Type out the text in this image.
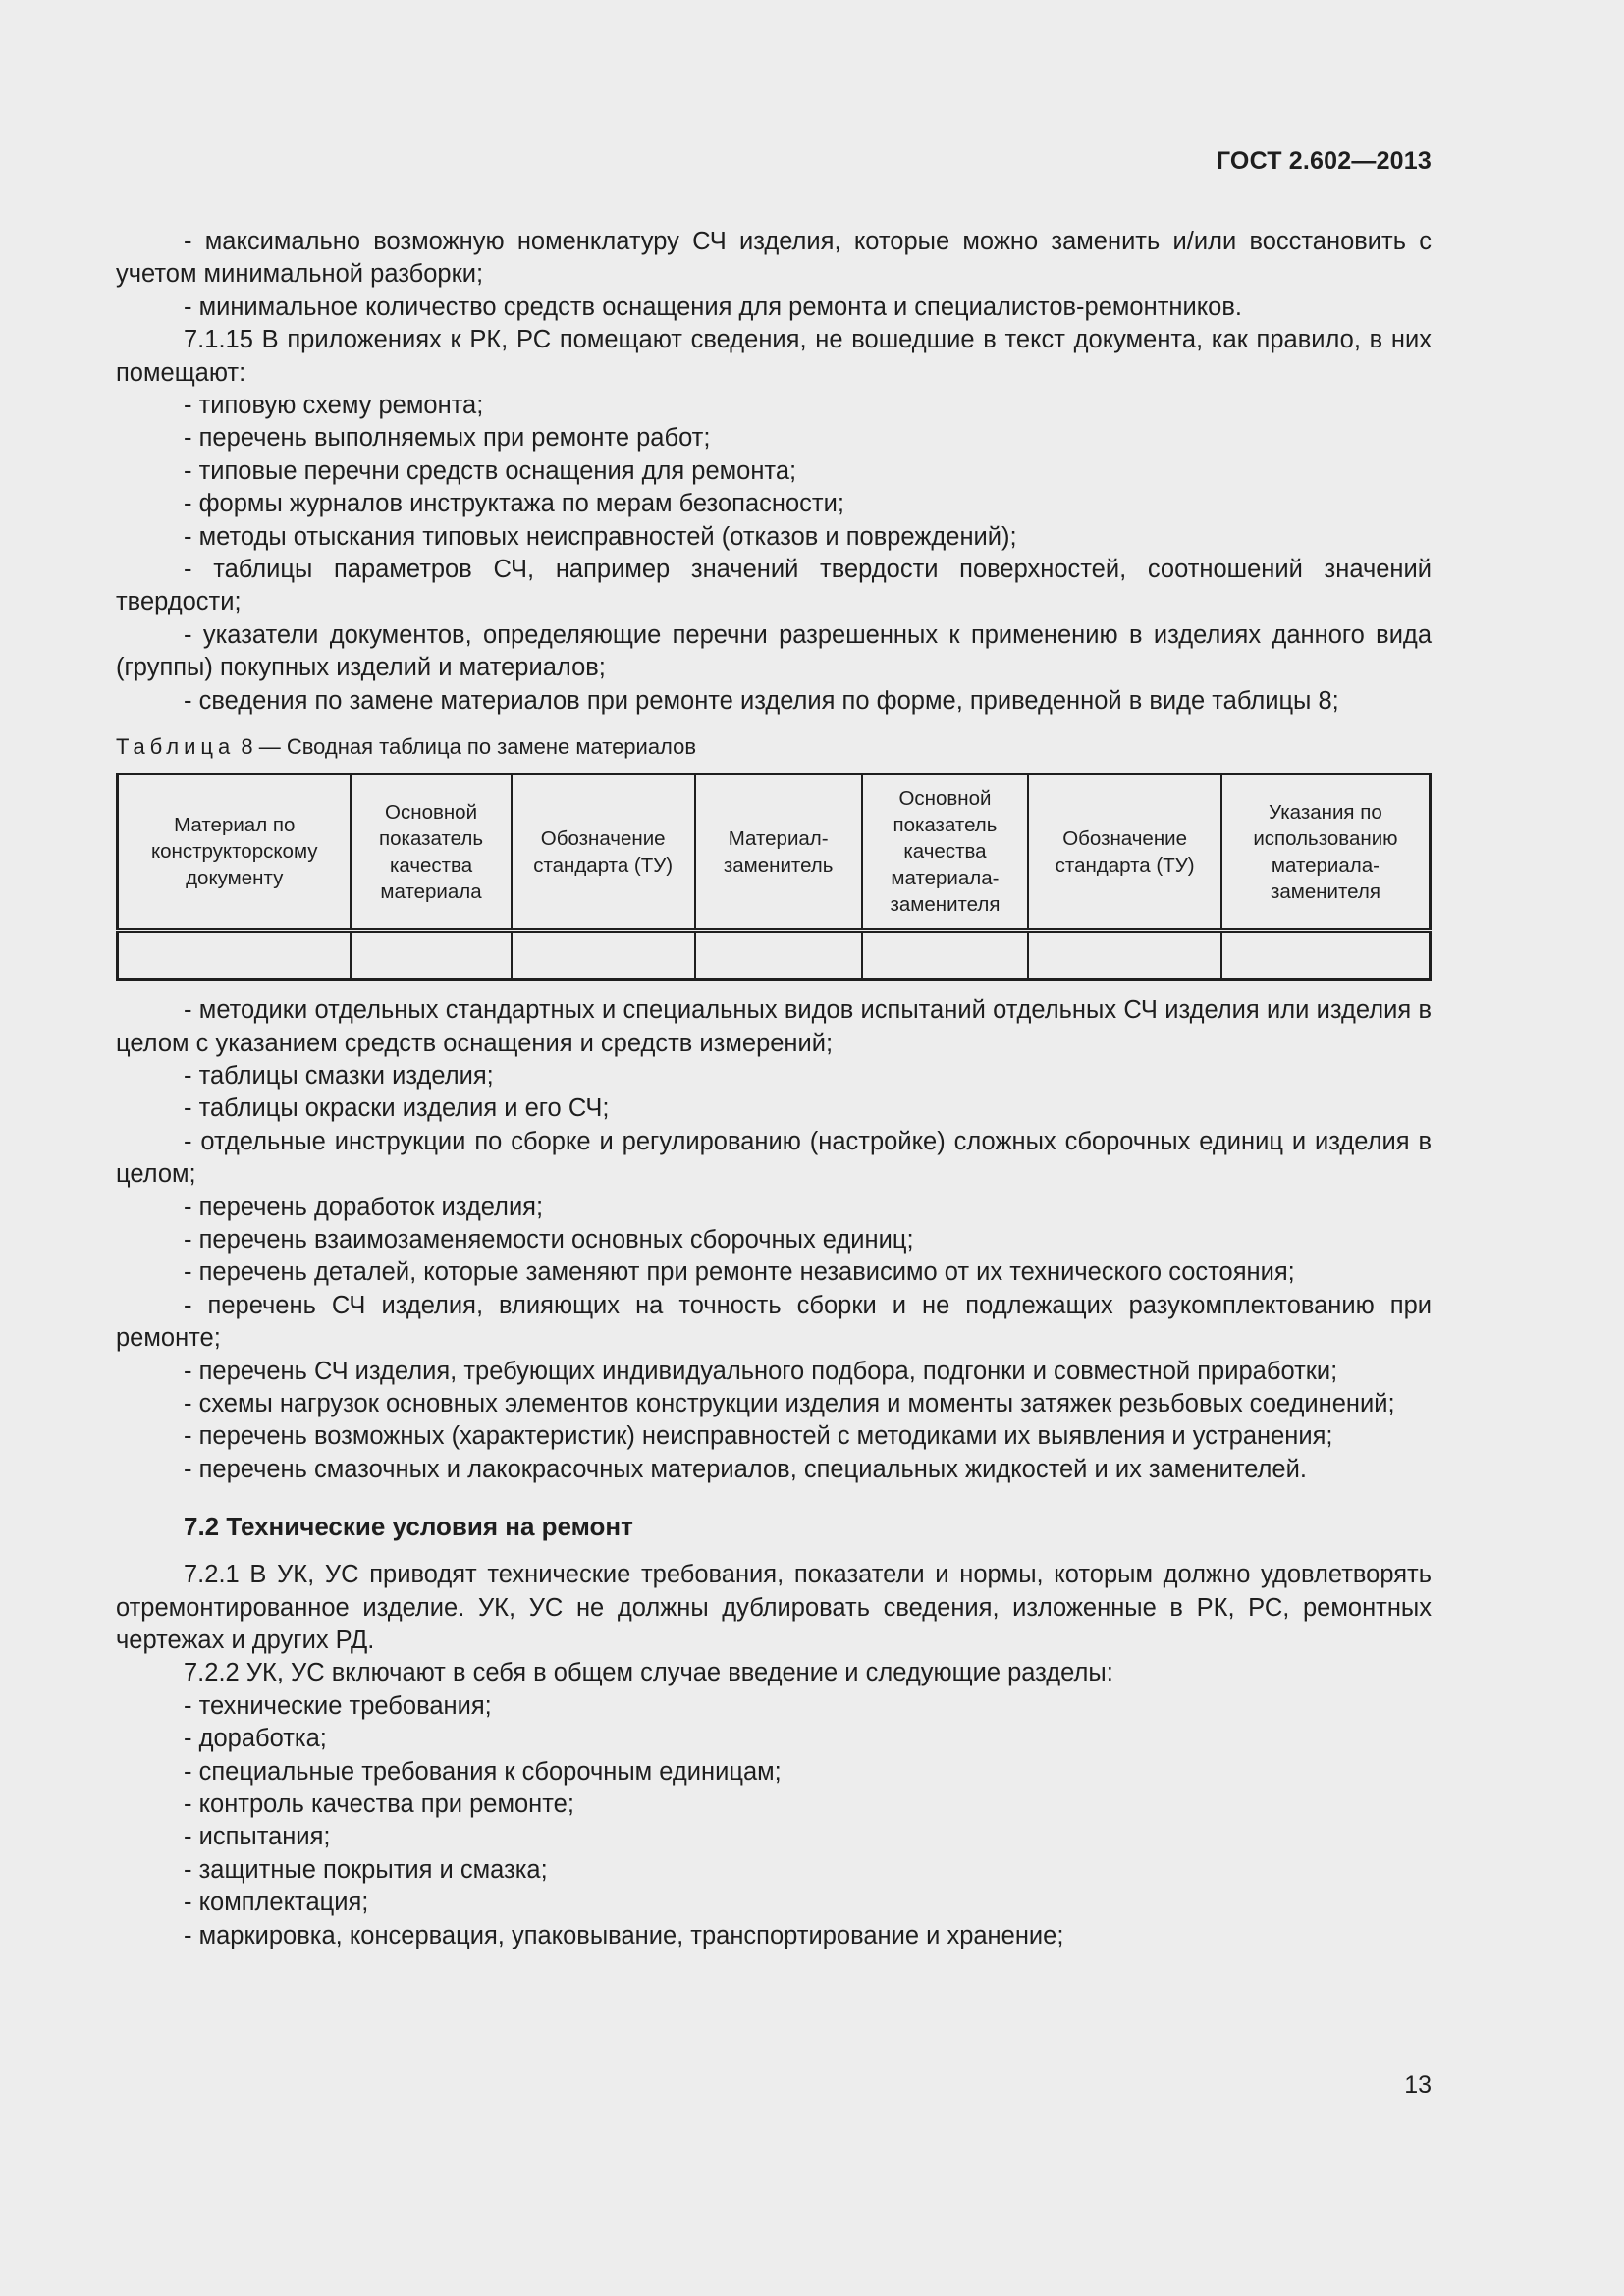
ГОСТ 2.602—2013

- максимально возможную номенклатуру СЧ изделия, которые можно заменить и/или восстановить с учетом минимальной разборки;

- минимальное количество средств оснащения для ремонта и специалистов-ремонтников.

7.1.15 В приложениях к РК, РС помещают сведения, не вошедшие в текст документа, как правило, в них помещают:

- типовую схему ремонта;

- перечень выполняемых при ремонте работ;

- типовые перечни средств оснащения для ремонта;

- формы журналов инструктажа по мерам безопасности;

- методы отыскания типовых неисправностей (отказов и повреждений);

- таблицы параметров СЧ, например значений твердости поверхностей, соотношений значений твердости;

- указатели документов, определяющие перечни разрешенных к применению в изделиях данного вида (группы) покупных изделий и материалов;

- сведения по замене материалов при ремонте изделия по форме, приведенной в виде таблицы 8;

Таблица 8 — Сводная таблица по замене материалов
Материал по конструкторскому документу	Основной показатель качества материала	Обозначение стандарта (ТУ)	Материал-заменитель	Основной показатель качества материала-заменителя	Обозначение стандарта (ТУ)	Указания по использованию материала-заменителя

- методики отдельных стандартных и специальных видов испытаний отдельных СЧ изделия или изделия в целом с указанием средств оснащения и средств измерений;

- таблицы смазки изделия;

- таблицы окраски изделия и его СЧ;

- отдельные инструкции по сборке и регулированию (настройке) сложных сборочных единиц и изделия в целом;

- перечень доработок изделия;

- перечень взаимозаменяемости основных сборочных единиц;

- перечень деталей, которые заменяют при ремонте независимо от их технического состояния;

- перечень СЧ изделия, влияющих на точность сборки и не подлежащих разукомплектованию при ремонте;

- перечень СЧ изделия, требующих индивидуального подбора, подгонки и совместной приработки;

- схемы нагрузок основных элементов конструкции изделия и моменты затяжек резьбовых соединений;

- перечень возможных (характеристик) неисправностей с методиками их выявления и устранения;

- перечень смазочных и лакокрасочных материалов, специальных жидкостей и их заменителей.

7.2 Технические условия на ремонт

7.2.1 В УК, УС приводят технические требования, показатели и нормы, которым должно удовлетворять отремонтированное изделие. УК, УС не должны дублировать сведения, изложенные в РК, РС, ремонтных чертежах и других РД.

7.2.2 УК, УС включают в себя в общем случае введение и следующие разделы:

- технические требования;

- доработка;

- специальные требования к сборочным единицам;

- контроль качества при ремонте;

- испытания;

- защитные покрытия и смазка;

- комплектация;

- маркировка, консервация, упаковывание, транспортирование и хранение;

13
